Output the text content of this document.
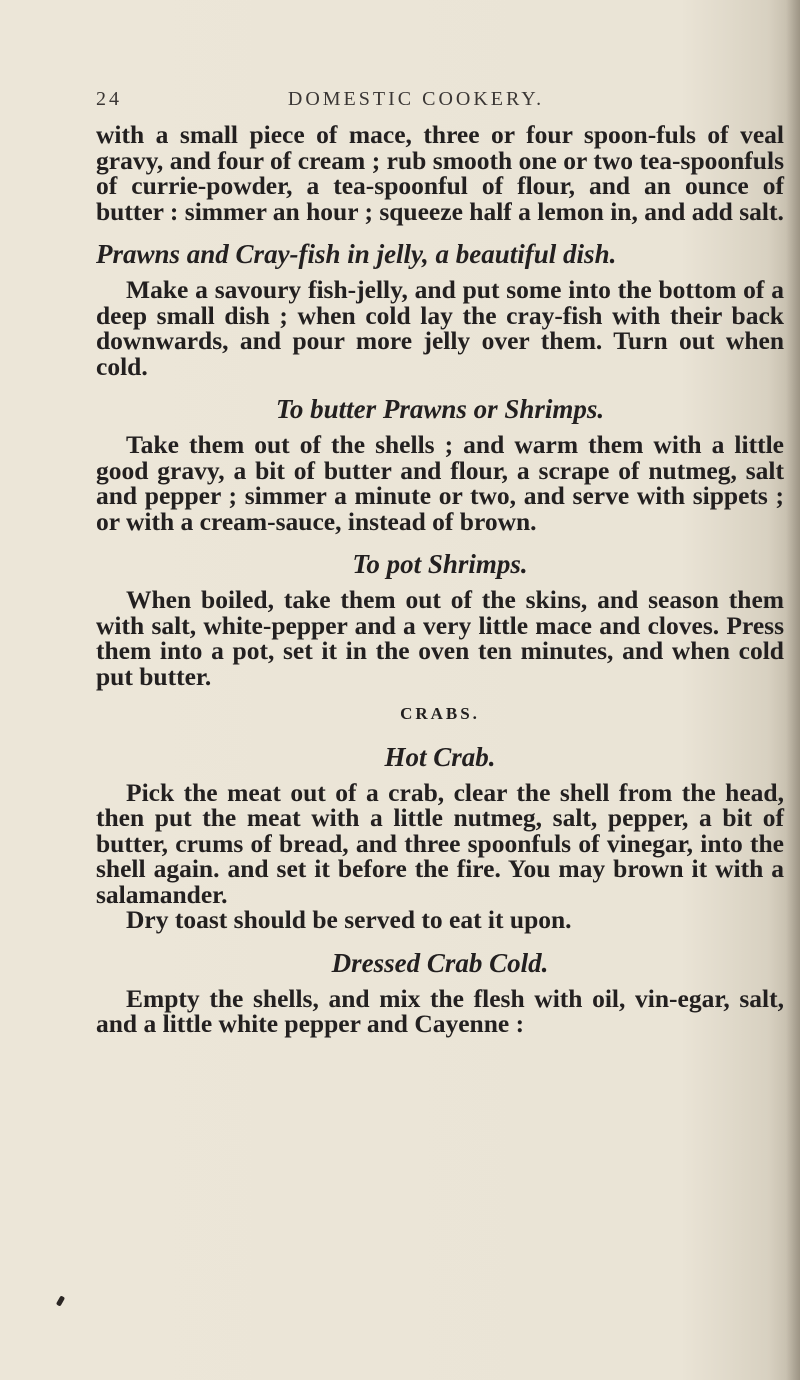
24	DOMESTIC COOKERY.

with a small piece of mace, three or four spoon-fuls of veal gravy, and four of cream ; rub smooth one or two tea-spoonfuls of currie-powder, a tea-spoonful of flour, and an ounce of butter : simmer an hour ; squeeze half a lemon in, and add salt.

Prawns and Cray-fish in jelly, a beautiful dish.

Make a savoury fish-jelly, and put some into the bottom of a deep small dish ; when cold lay the cray-fish with their back downwards, and pour more jelly over them. Turn out when cold.

To butter Prawns or Shrimps.

Take them out of the shells ; and warm them with a little good gravy, a bit of butter and flour, a scrape of nutmeg, salt and pepper ; simmer a minute or two, and serve with sippets ; or with a cream-sauce, instead of brown.

To pot Shrimps.

When boiled, take them out of the skins, and season them with salt, white-pepper and a very little mace and cloves. Press them into a pot, set it in the oven ten minutes, and when cold put butter.

CRABS.
Hot Crab.

Pick the meat out of a crab, clear the shell from the head, then put the meat with a little nutmeg, salt, pepper, a bit of butter, crums of bread, and three spoonfuls of vinegar, into the shell again. and set it before the fire. You may brown it with a salamander.

Dry toast should be served to eat it upon.

Dressed Crab Cold.

Empty the shells, and mix the flesh with oil, vin-egar, salt, and a little white pepper and Cayenne :
